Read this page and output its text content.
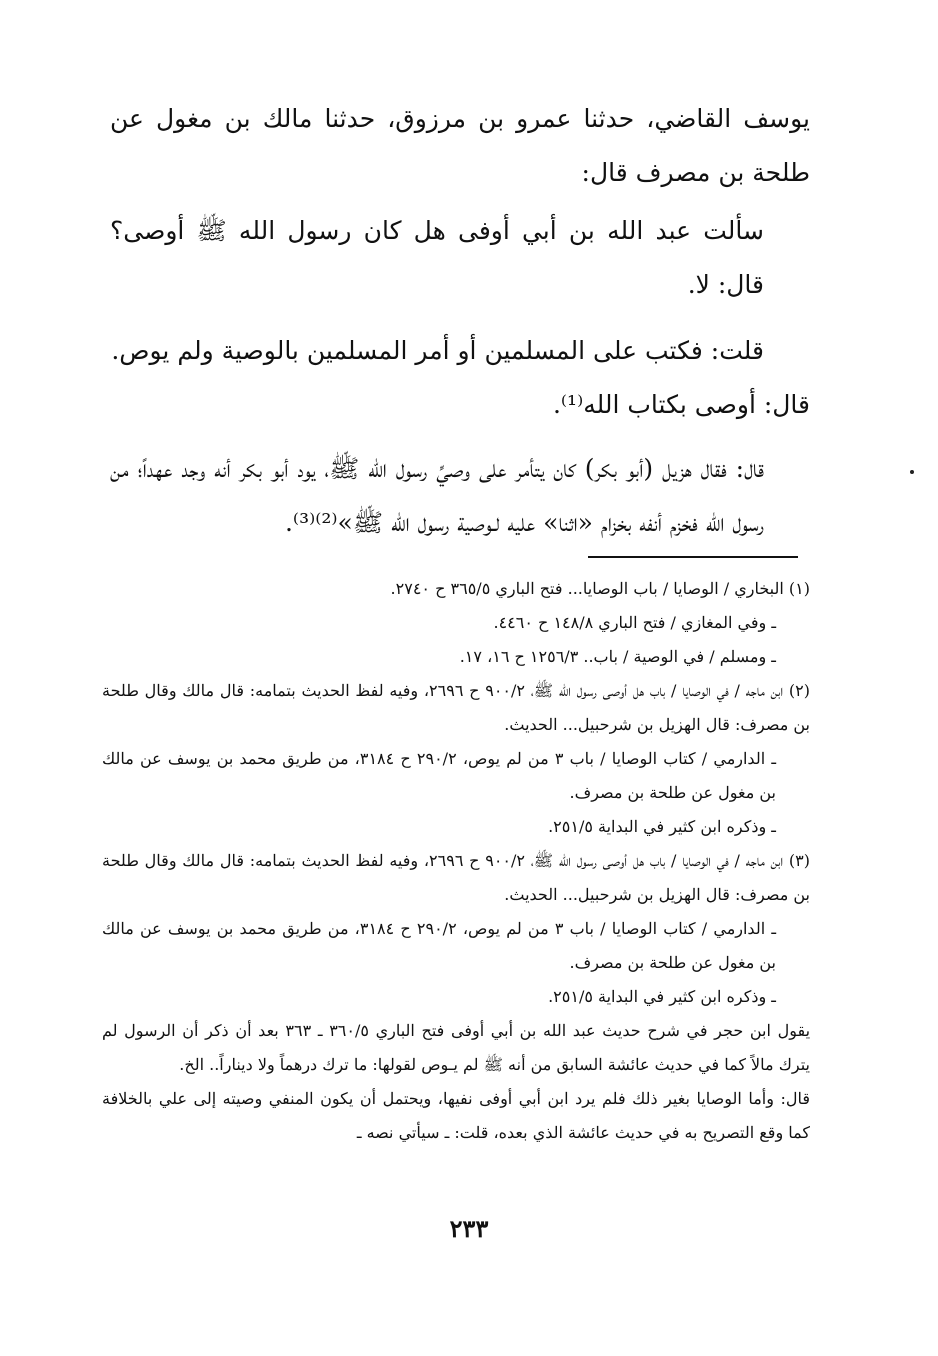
يوسف القاضي، حدثنا عمرو بن مرزوق، حدثنا مالك بن مغول عن طلحة بن مصرف قال:

سألت عبد الله بن أبي أوفى هل كان رسول الله ﷺ أوصى؟ قال: لا.

قلت: فكتب على المسلمين أو أمر المسلمين بالوصية ولم يوص.

قال: أوصى بكتاب الله⁽¹⁾.

قال: فقال هزيل (أبو بكر) كان يتأمر على وصيِّ رسول الله ﷺ، يود أبو بكر أنه وجد عهداً؛ من رسول الله فخزم أنفه بخزام «اثنا» عليه لـوصية رسول الله ﷺ»⁽²⁾⁽³⁾.

(١) البخاري / الوصايا / باب الوصايا... فتح الباري ٣٦٥/٥ ح ٢٧٤٠.

ـ وفي المغازي / فتح الباري ١٤٨/٨ ح ٤٤٦٠.

ـ ومسلم / في الوصية / باب.. ١٢٥٦/٣ ح ١٦، ١٧.

(٢) ابن ماجه / في الوصايا / باب هل أوصى رسول الله ﷺ، ٩٠٠/٢ ح ٢٦٩٦، وفيه لفظ الحديث بتمامه: قال مالك وقال طلحة بن مصرف: قال الهزيل بن شرحبيل... الحديث.

ـ الدارمي / كتاب الوصايا / باب ٣ من لم يوص، ٢٩٠/٢ ح ٣١٨٤، من طريق محمد بن يوسف عن مالك بن مغول عن طلحة بن مصرف.

ـ وذكره ابن كثير في البداية ٢٥١/٥.

(٣) ابن ماجه / في الوصايا / باب هل أوصى رسول الله ﷺ، ٩٠٠/٢ ح ٢٦٩٦، وفيه لفظ الحديث بتمامه: قال مالك وقال طلحة بن مصرف: قال الهزيل بن شرحبيل... الحديث.

ـ الدارمي / كتاب الوصايا / باب ٣ من لم يوص، ٢٩٠/٢ ح ٣١٨٤، من طريق محمد بن يوسف عن مالك بن مغول عن طلحة بن مصرف.

ـ وذكره ابن كثير في البداية ٢٥١/٥.

يقول ابن حجر في شرح حديث عبد الله بن أبي أوفى فتح الباري ٣٦٠/٥ ـ ٣٦٣ بعد أن ذكر أن الرسول لم يترك مالاً كما في حديث عائشة السابق من أنه ﷺ لم يـوص لقولها: ما ترك درهماً ولا ديناراً.. الخ.

قال: وأما الوصايا بغير ذلك فلم يرد ابن أبي أوفى نفيها، ويحتمل أن يكون المنفي وصيته إلى علي بالخلافة كما وقع التصريح به في حديث عائشة الذي بعده، قلت: ـ سيأتي نصه ـ

٢٣٣
